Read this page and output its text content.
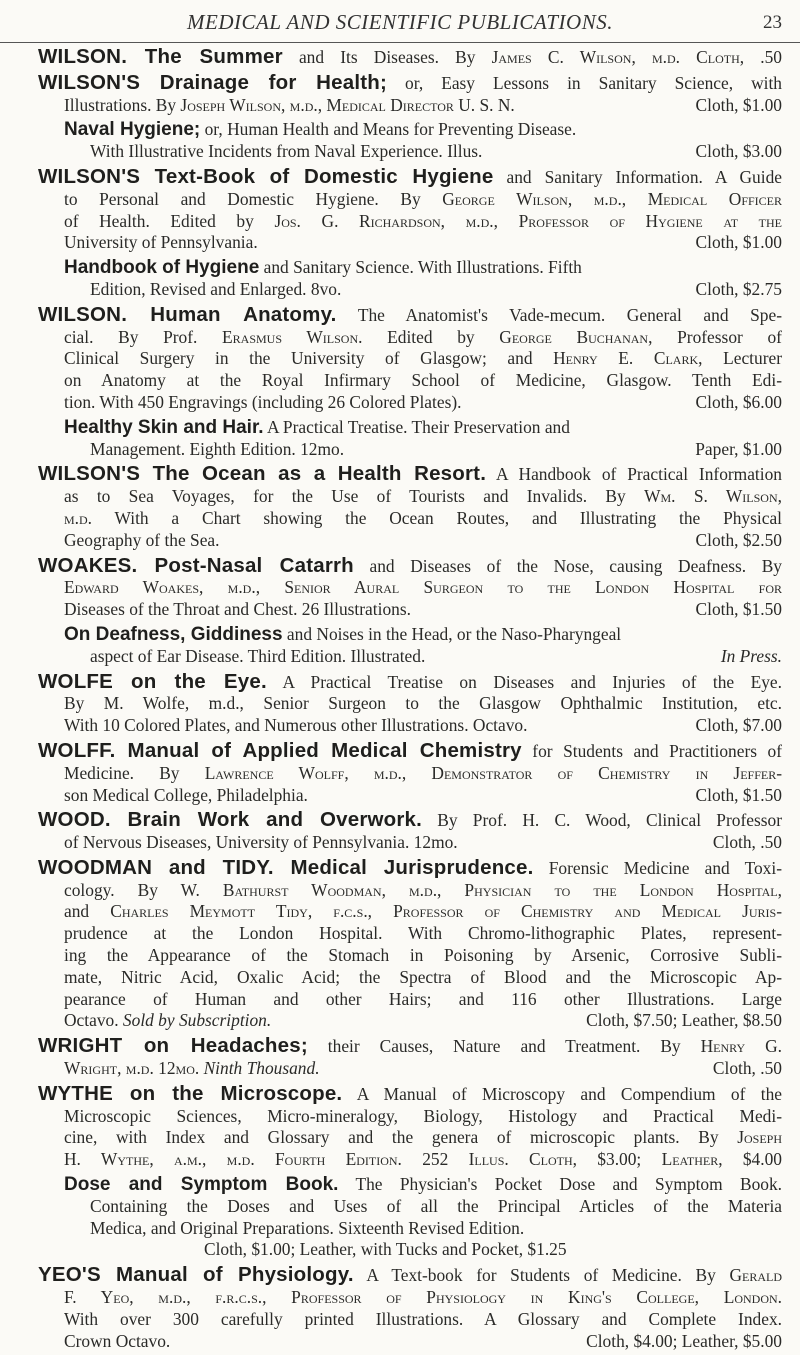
MEDICAL AND SCIENTIFIC PUBLICATIONS.	23
WILSON. The Summer and Its Diseases. By James C. Wilson, m.d. Cloth, .50
WILSON'S Drainage for Health; or, Easy Lessons in Sanitary Science, with
Illustrations. By Joseph Wilson, m.d., Medical Director U. S. N.	Cloth, $1.00
Naval Hygiene; or, Human Health and Means for Preventing Disease.
With Illustrative Incidents from Naval Experience. Illus.	Cloth, $3.00
WILSON'S Text-Book of Domestic Hygiene and Sanitary Information. A Guide
to Personal and Domestic Hygiene. By George Wilson, m.d., Medical Officer
of Health. Edited by Jos. G. Richardson, m.d., Professor of Hygiene at the
University of Pennsylvania.	Cloth, $1.00
Handbook of Hygiene and Sanitary Science. With Illustrations. Fifth
Edition, Revised and Enlarged. 8vo.	Cloth, $2.75
WILSON. Human Anatomy. The Anatomist's Vade-mecum. General and Spe-
cial. By Prof. Erasmus Wilson. Edited by George Buchanan, Professor of
Clinical Surgery in the University of Glasgow; and Henry E. Clark, Lecturer
on Anatomy at the Royal Infirmary School of Medicine, Glasgow. Tenth Edi-
tion. With 450 Engravings (including 26 Colored Plates).	Cloth, $6.00
Healthy Skin and Hair. A Practical Treatise. Their Preservation and
Management. Eighth Edition. 12mo.	Paper, $1.00
WILSON'S The Ocean as a Health Resort. A Handbook of Practical Information
as to Sea Voyages, for the Use of Tourists and Invalids. By Wm. S. Wilson,
m.d. With a Chart showing the Ocean Routes, and Illustrating the Physical
Geography of the Sea.	Cloth, $2.50
WOAKES. Post-Nasal Catarrh and Diseases of the Nose, causing Deafness. By
Edward Woakes, m.d., Senior Aural Surgeon to the London Hospital for
Diseases of the Throat and Chest. 26 Illustrations.	Cloth, $1.50
On Deafness, Giddiness and Noises in the Head, or the Naso-Pharyngeal
aspect of Ear Disease. Third Edition. Illustrated.	In Press.
WOLFE on the Eye. A Practical Treatise on Diseases and Injuries of the Eye.
By M. Wolfe, m.d., Senior Surgeon to the Glasgow Ophthalmic Institution, etc.
With 10 Colored Plates, and Numerous other Illustrations. Octavo.	Cloth, $7.00
WOLFF. Manual of Applied Medical Chemistry for Students and Practitioners of
Medicine. By Lawrence Wolff, m.d., Demonstrator of Chemistry in Jeffer-
son Medical College, Philadelphia.	Cloth, $1.50
WOOD. Brain Work and Overwork. By Prof. H. C. Wood, Clinical Professor
of Nervous Diseases, University of Pennsylvania. 12mo.	Cloth, .50
WOODMAN and TIDY. Medical Jurisprudence. Forensic Medicine and Toxi-
cology. By W. Bathurst Woodman, m.d., Physician to the London Hospital,
and Charles Meymott Tidy, f.c.s., Professor of Chemistry and Medical Juris-
prudence at the London Hospital. With Chromo-lithographic Plates, represent-
ing the Appearance of the Stomach in Poisoning by Arsenic, Corrosive Subli-
mate, Nitric Acid, Oxalic Acid; the Spectra of Blood and the Microscopic Ap-
pearance of Human and other Hairs; and 116 other Illustrations. Large
Octavo. Sold by Subscription.	Cloth, $7.50; Leather, $8.50
WRIGHT on Headaches; their Causes, Nature and Treatment. By Henry G.
Wright, m.d. 12mo. Ninth Thousand.	Cloth, .50
WYTHE on the Microscope. A Manual of Microscopy and Compendium of the
Microscopic Sciences, Micro-mineralogy, Biology, Histology and Practical Medi-
cine, with Index and Glossary and the genera of microscopic plants. By Joseph
H. Wythe, a.m., m.d. Fourth Edition. 252 Illus. Cloth, $3.00; Leather, $4.00
Dose and Symptom Book. The Physician's Pocket Dose and Symptom Book.
Containing the Doses and Uses of all the Principal Articles of the Materia
Medica, and Original Preparations. Sixteenth Revised Edition.
Cloth, $1.00; Leather, with Tucks and Pocket, $1.25
YEO'S Manual of Physiology. A Text-book for Students of Medicine. By Gerald
F. Yeo, m.d., f.r.c.s., Professor of Physiology in King's College, London.
With over 300 carefully printed Illustrations. A Glossary and Complete Index.
Crown Octavo.	Cloth, $4.00; Leather, $5.00
